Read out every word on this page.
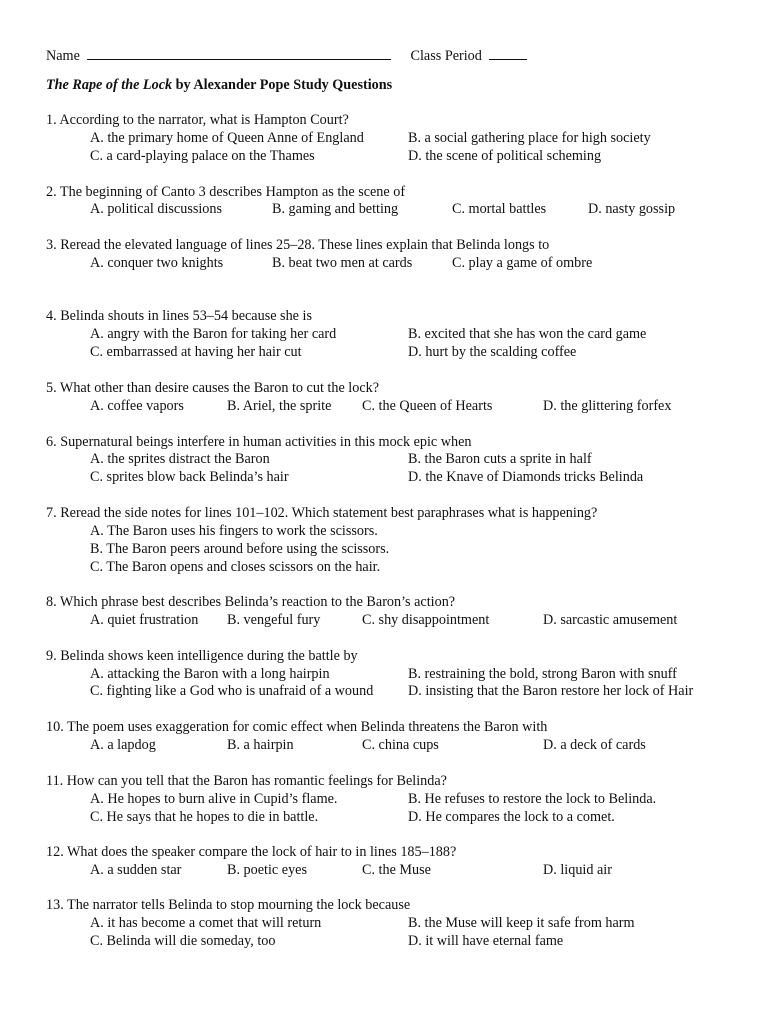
Name	Class Period
The Rape of the Lock by Alexander Pope Study Questions
1. According to the narrator, what is Hampton Court?
A. the primary home of Queen Anne of England	B. a social gathering place for high society
C. a card-playing palace on the Thames	D. the scene of political scheming
2. The beginning of Canto 3 describes Hampton as the scene of
A. political discussions	B. gaming and betting	C. mortal battles	D. nasty gossip
3. Reread the elevated language of lines 25–28. These lines explain that Belinda longs to
A. conquer two knights	B. beat two men at cards	C. play a game of ombre
4. Belinda shouts in lines 53–54 because she is
A. angry with the Baron for taking her card	B. excited that she has won the card game
C. embarrassed at having her hair cut	D. hurt by the scalding coffee
5. What other than desire causes the Baron to cut the lock?
A. coffee vapors	B. Ariel, the sprite C. the Queen of Hearts	D. the glittering forfex
6. Supernatural beings interfere in human activities in this mock epic when
A. the sprites distract the Baron	B. the Baron cuts a sprite in half
C. sprites blow back Belinda’s hair	D. the Knave of Diamonds tricks Belinda
7. Reread the side notes for lines 101–102. Which statement best paraphrases what is happening?
A. The Baron uses his fingers to work the scissors.
B. The Baron peers around before using the scissors.
C. The Baron opens and closes scissors on the hair.
8. Which phrase best describes Belinda’s reaction to the Baron’s action?
A. quiet frustration B. vengeful fury	C. shy disappointment	D. sarcastic amusement
9. Belinda shows keen intelligence during the battle by
A. attacking the Baron with a long hairpin	B. restraining the bold, strong Baron with snuff
C. fighting like a God who is unafraid of a wound D. insisting that the Baron restore her lock of Hair
10. The poem uses exaggeration for comic effect when Belinda threatens the Baron with
A. a lapdog	B. a hairpin	C. china cups	D. a deck of cards
11. How can you tell that the Baron has romantic feelings for Belinda?
A. He hopes to burn alive in Cupid’s flame.	B. He refuses to restore the lock to Belinda.
C. He says that he hopes to die in battle.	D. He compares the lock to a comet.
12. What does the speaker compare the lock of hair to in lines 185–188?
A. a sudden star	B. poetic eyes	C. the Muse	D. liquid air
13. The narrator tells Belinda to stop mourning the lock because
A. it has become a comet that will return	B. the Muse will keep it safe from harm
C. Belinda will die someday, too	D. it will have eternal fame
